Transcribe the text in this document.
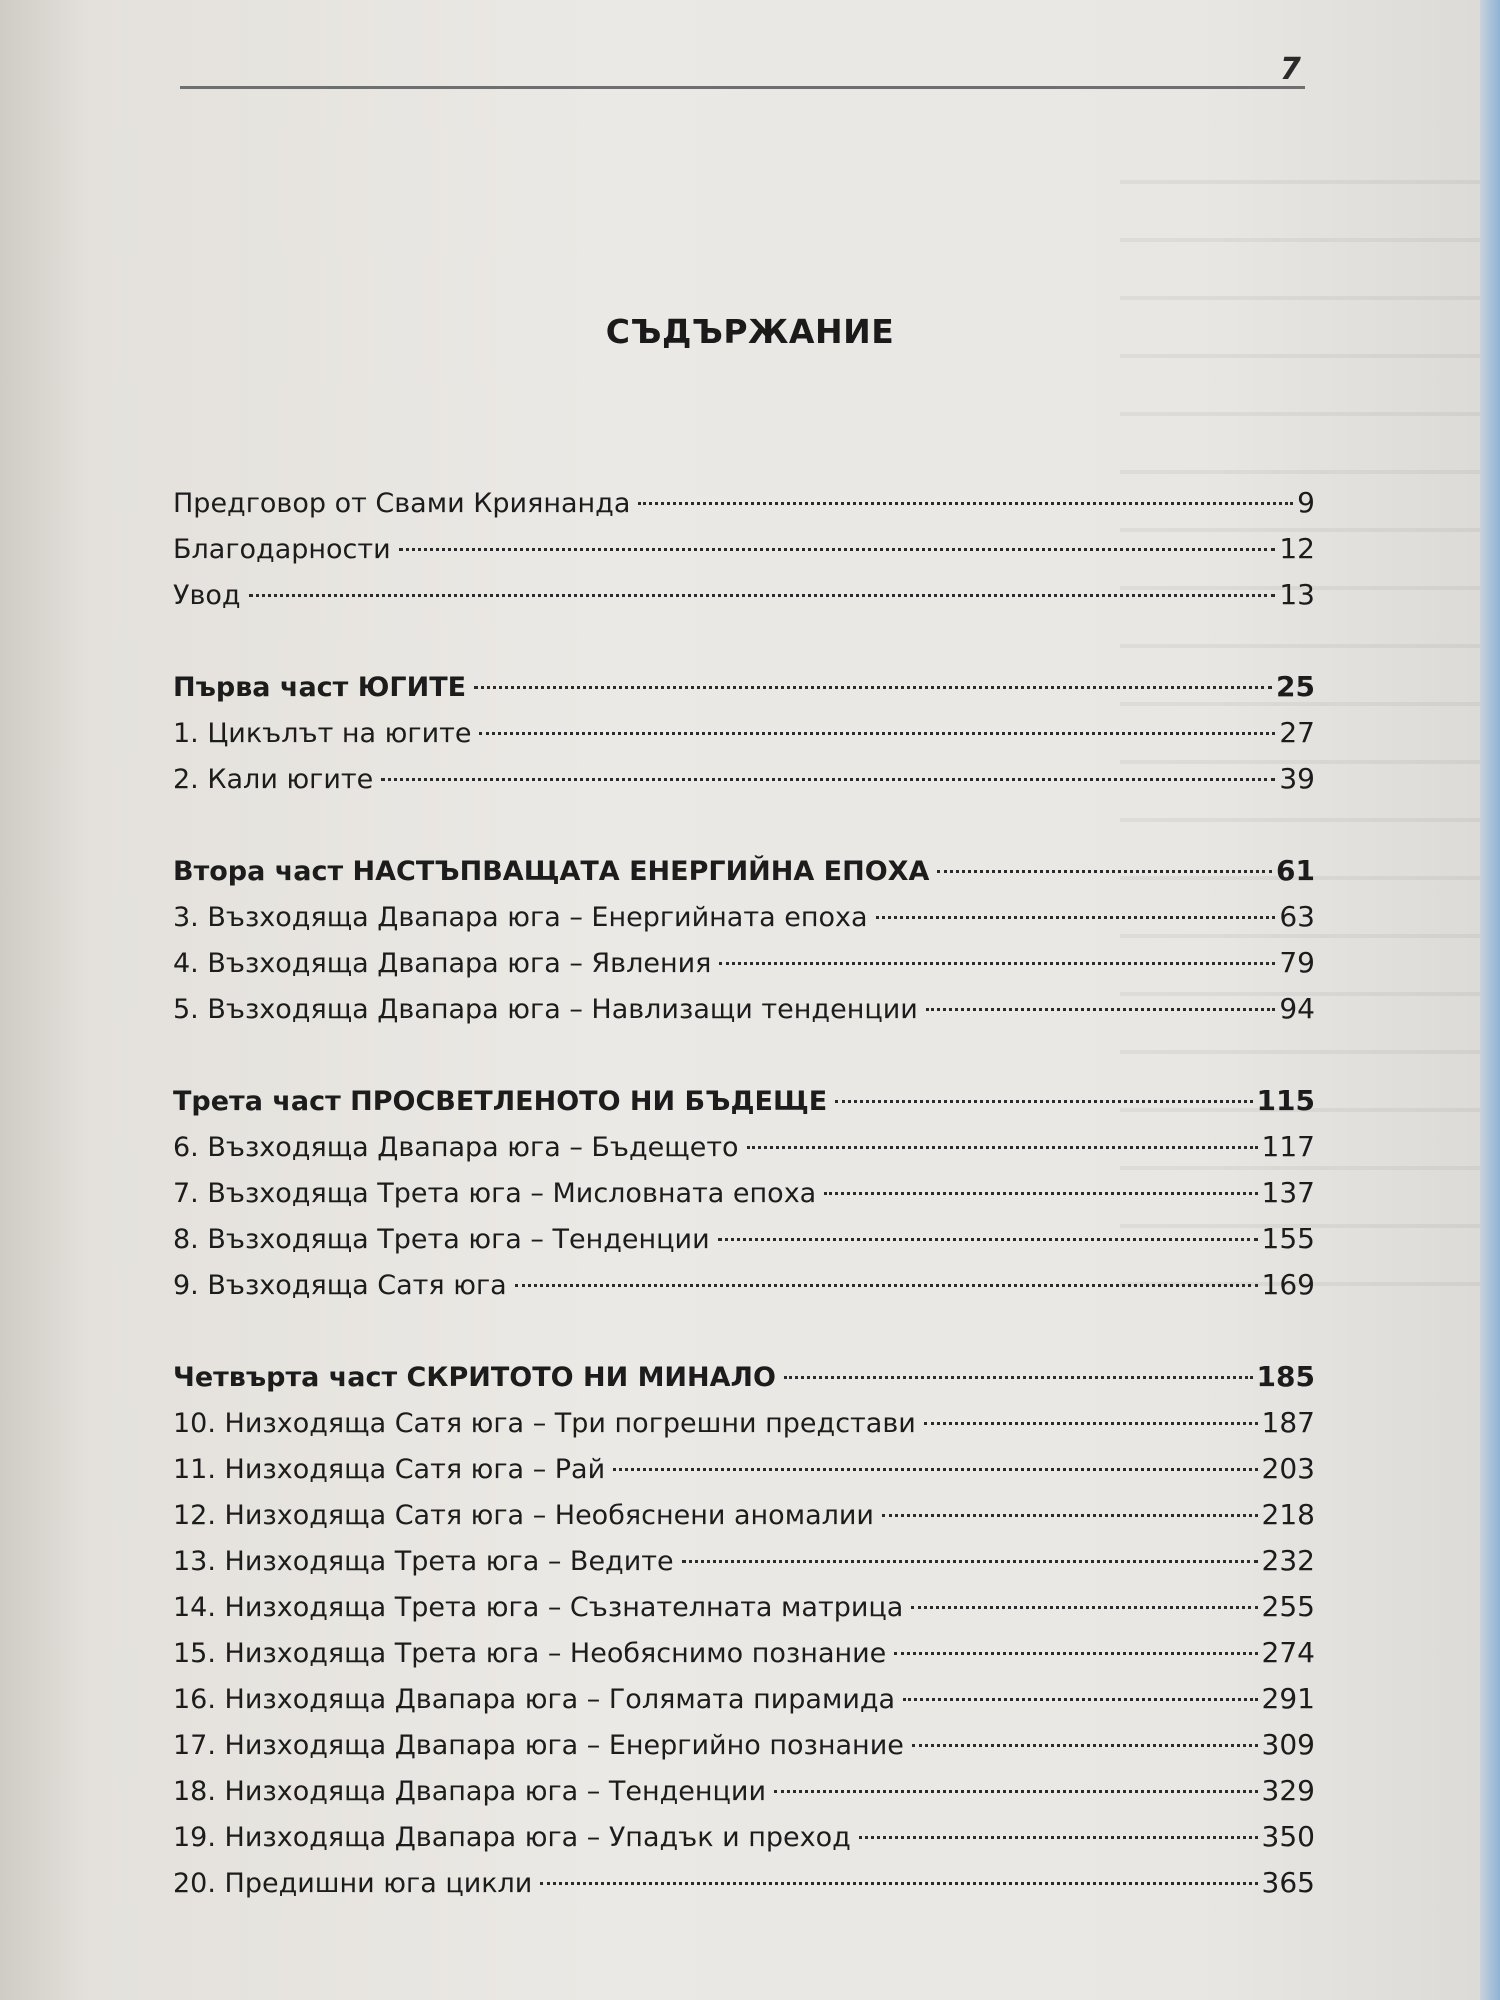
7
СЪДЪРЖАНИЕ
Предговор от Свами Криянанда	9
Благодарности	12
Увод	13
Първа част ЮГИТЕ	25
1. Цикълът на югите	27
2. Кали югите	39
Втора част НАСТЪПВАЩАТА ЕНЕРГИЙНА ЕПОХА	61
3. Възходяща Двапара юга – Енергийната епоха	63
4. Възходяща Двапара юга – Явления	79
5. Възходяща Двапара юга – Навлизащи тенденции	94
Трета част ПРОСВЕТЛЕНОТО НИ БЪДЕЩЕ	115
6. Възходяща Двапара юга – Бъдещето	117
7. Възходяща Трета юга – Мисловната епоха	137
8. Възходяща Трета юга – Тенденции	155
9. Възходяща Сатя юга	169
Четвърта част СКРИТОТО НИ МИНАЛО	185
10. Низходяща Сатя юга – Три погрешни представи	187
11. Низходяща Сатя юга – Рай	203
12. Низходяща Сатя юга – Необяснени аномалии	218
13. Низходяща Трета юга – Ведите	232
14. Низходяща Трета юга – Съзнателната матрица	255
15. Низходяща Трета юга – Необяснимо познание	274
16. Низходяща Двапара юга – Голямата пирамида	291
17. Низходяща Двапара юга – Енергийно познание	309
18. Низходяща Двапара юга – Тенденции	329
19. Низходяща Двапара юга – Упадък и преход	350
20. Предишни юга цикли	365
